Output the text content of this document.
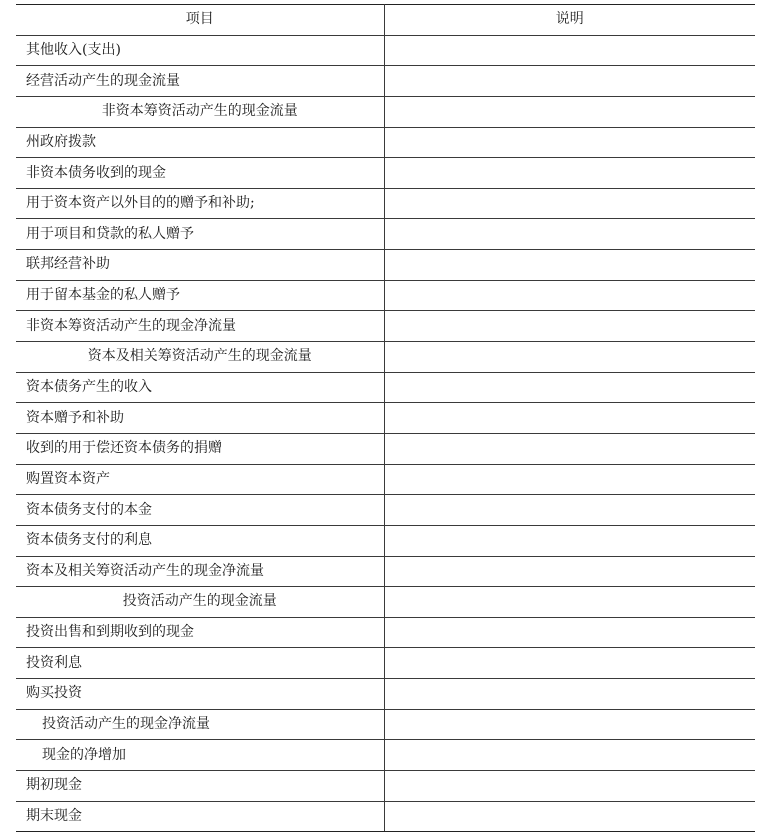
项目	说明
其他收入(支出)	
经营活动产生的现金流量	
非资本筹资活动产生的现金流量	
州政府拨款	
非资本债务收到的现金	
用于资本资产以外目的的赠予和补助;	
用于项目和贷款的私人赠予	
联邦经营补助	
用于留本基金的私人赠予	
非资本筹资活动产生的现金净流量	
资本及相关筹资活动产生的现金流量	
资本债务产生的收入	
资本赠予和补助	
收到的用于偿还资本债务的捐赠	
购置资本资产	
资本债务支付的本金	
资本债务支付的利息	
资本及相关筹资活动产生的现金净流量	
投资活动产生的现金流量	
投资出售和到期收到的现金	
投资利息	
购买投资	
投资活动产生的现金净流量	
现金的净增加	
期初现金	
期末现金	
